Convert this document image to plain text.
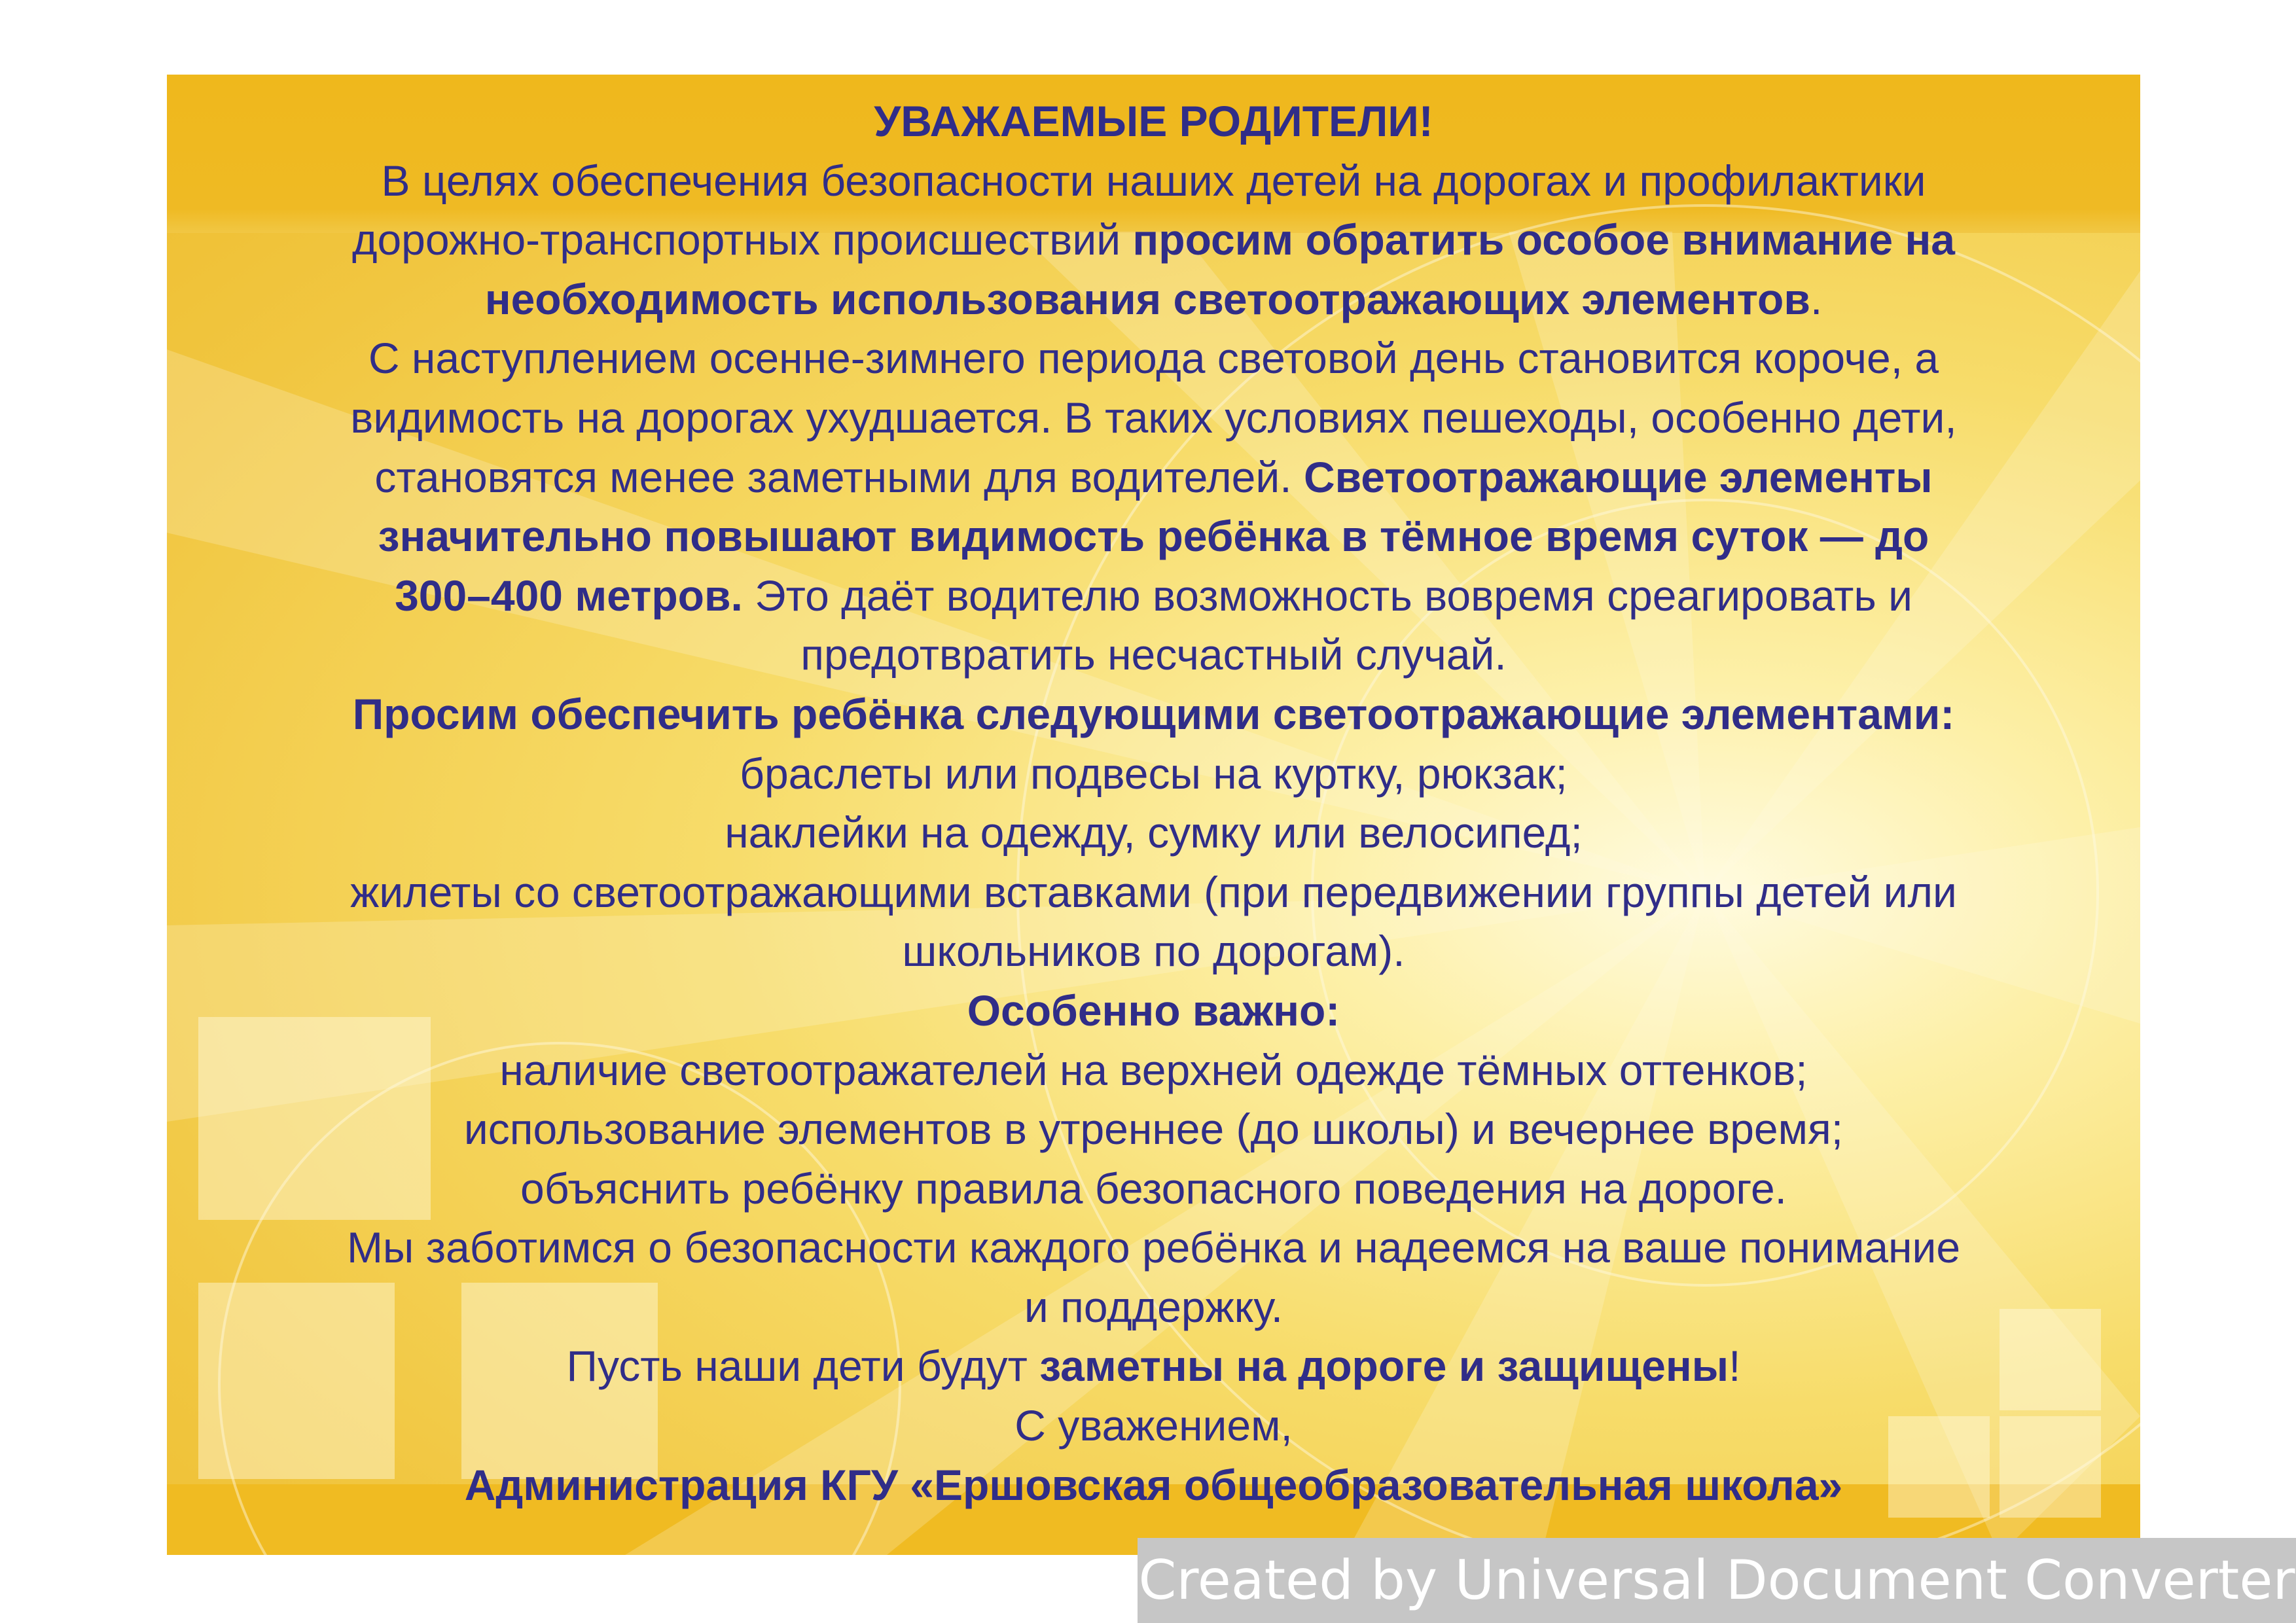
УВАЖАЕМЫЕ РОДИТЕЛИ!

В целях обеспечения безопасности наших детей на дорогах и профилактики

дорожно-транспортных происшествий просим обратить особое внимание на

необходимость использования светоотражающих элементов.

С наступлением осенне-зимнего периода световой день становится короче, а

видимость на дорогах ухудшается. В таких условиях пешеходы, особенно дети,

становятся менее заметными для водителей. Светоотражающие элементы

значительно повышают видимость ребёнка в тёмное время суток — до

300–400 метров. Это даёт водителю возможность вовремя среагировать и

предотвратить несчастный случай.

Просим обеспечить ребёнка следующими светоотражающие элементами:

браслеты или подвесы на куртку, рюкзак;

наклейки на одежду, сумку или велосипед;

жилеты со светоотражающими вставками (при передвижении группы детей или

школьников по дорогам).

Особенно важно:

наличие светоотражателей на верхней одежде тёмных оттенков;

использование элементов в утреннее (до школы) и вечернее время;

объяснить ребёнку правила безопасного поведения на дороге.

Мы заботимся о безопасности каждого ребёнка и надеемся на ваше понимание

и поддержку.

Пусть наши дети будут заметны на дороге и защищены!

С уважением,

Администрация КГУ «Ершовская общеобразовательная школа»

Created by Universal Document Converter
